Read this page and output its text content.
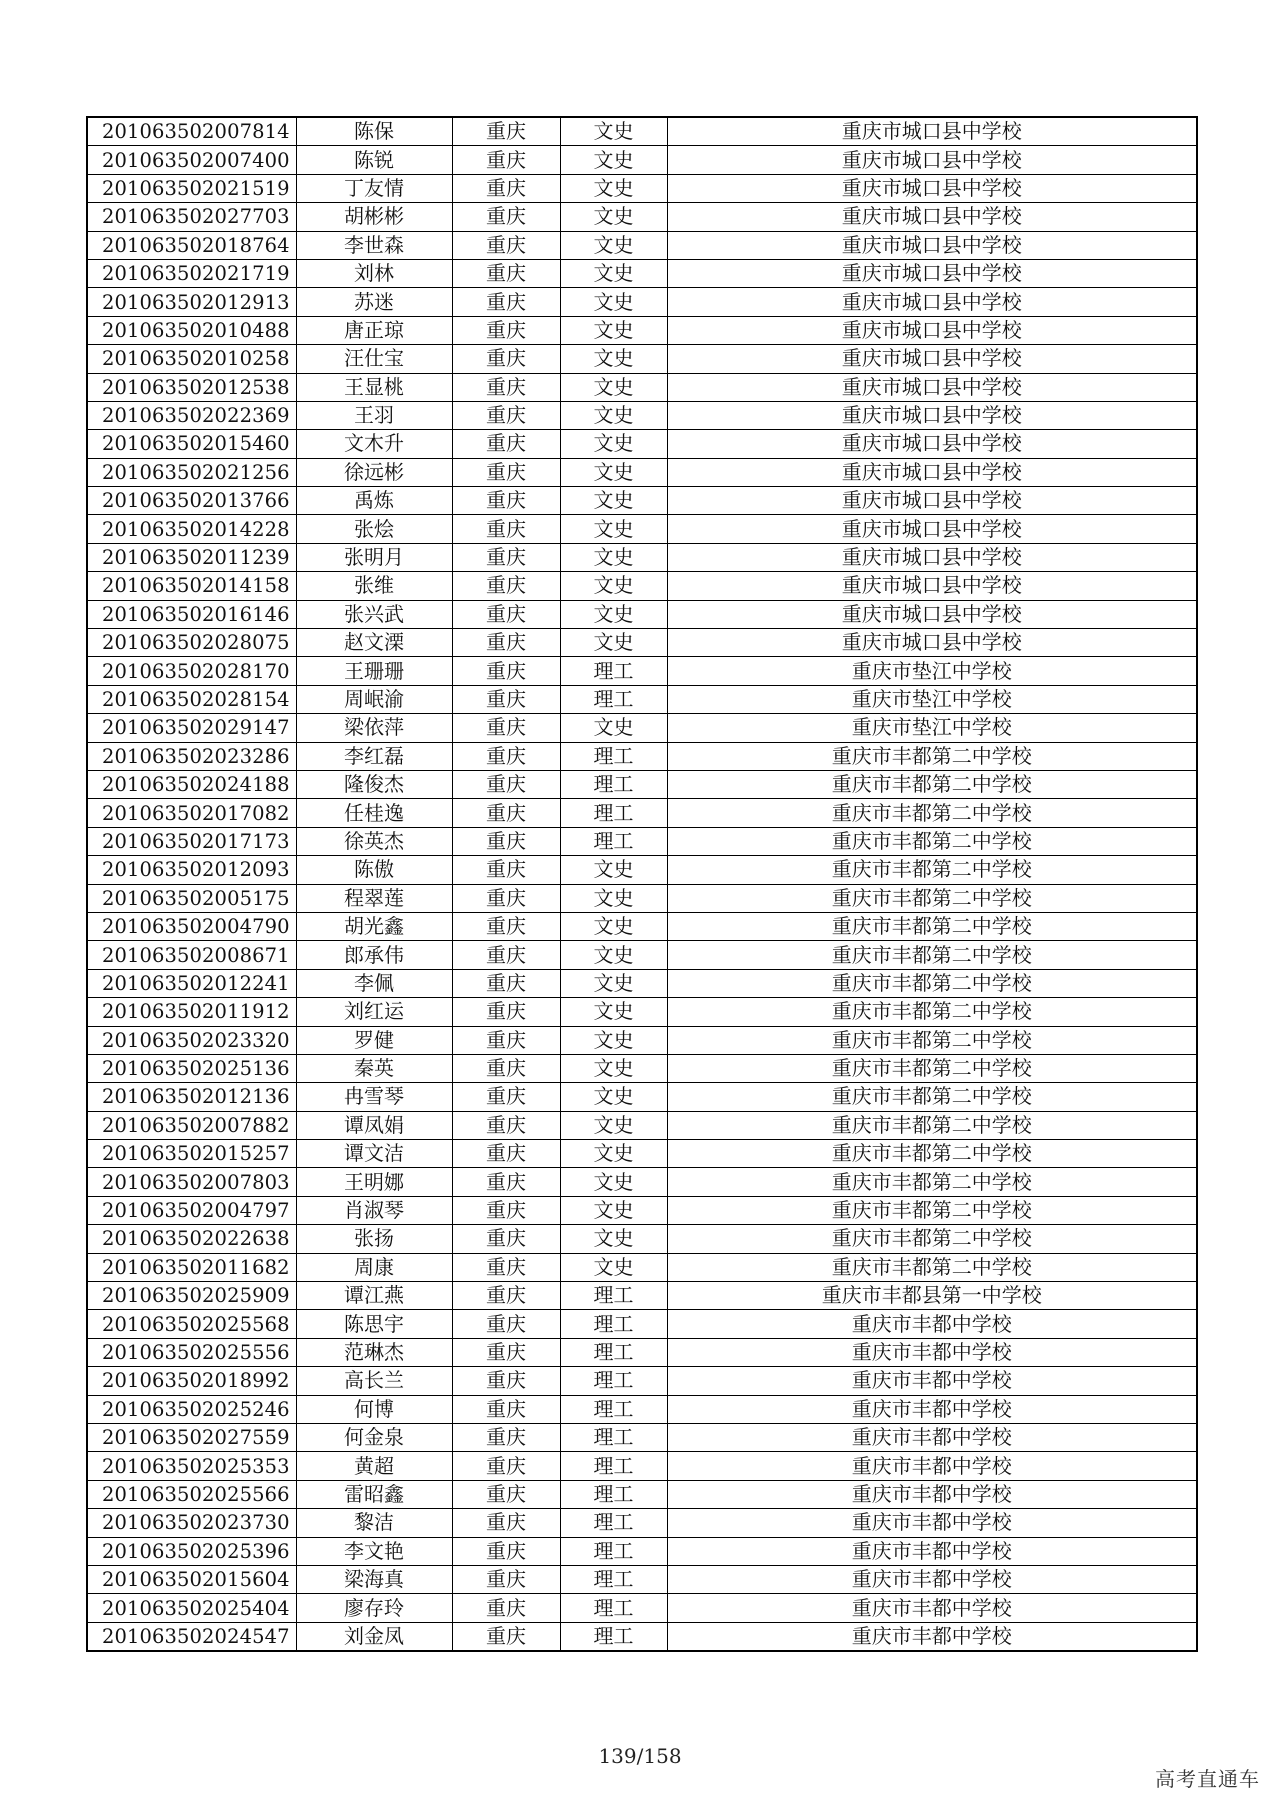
201063502007814	陈保	重庆	文史	重庆市城口县中学校
201063502007400	陈锐	重庆	文史	重庆市城口县中学校
201063502021519	丁友情	重庆	文史	重庆市城口县中学校
201063502027703	胡彬彬	重庆	文史	重庆市城口县中学校
201063502018764	李世森	重庆	文史	重庆市城口县中学校
201063502021719	刘林	重庆	文史	重庆市城口县中学校
201063502012913	苏迷	重庆	文史	重庆市城口县中学校
201063502010488	唐正琼	重庆	文史	重庆市城口县中学校
201063502010258	汪仕宝	重庆	文史	重庆市城口县中学校
201063502012538	王显桃	重庆	文史	重庆市城口县中学校
201063502022369	王羽	重庆	文史	重庆市城口县中学校
201063502015460	文木升	重庆	文史	重庆市城口县中学校
201063502021256	徐远彬	重庆	文史	重庆市城口县中学校
201063502013766	禹炼	重庆	文史	重庆市城口县中学校
201063502014228	张烩	重庆	文史	重庆市城口县中学校
201063502011239	张明月	重庆	文史	重庆市城口县中学校
201063502014158	张维	重庆	文史	重庆市城口县中学校
201063502016146	张兴武	重庆	文史	重庆市城口县中学校
201063502028075	赵文溧	重庆	文史	重庆市城口县中学校
201063502028170	王珊珊	重庆	理工	重庆市垫江中学校
201063502028154	周岷渝	重庆	理工	重庆市垫江中学校
201063502029147	梁依萍	重庆	文史	重庆市垫江中学校
201063502023286	李红磊	重庆	理工	重庆市丰都第二中学校
201063502024188	隆俊杰	重庆	理工	重庆市丰都第二中学校
201063502017082	任桂逸	重庆	理工	重庆市丰都第二中学校
201063502017173	徐英杰	重庆	理工	重庆市丰都第二中学校
201063502012093	陈傲	重庆	文史	重庆市丰都第二中学校
201063502005175	程翠莲	重庆	文史	重庆市丰都第二中学校
201063502004790	胡光鑫	重庆	文史	重庆市丰都第二中学校
201063502008671	郎承伟	重庆	文史	重庆市丰都第二中学校
201063502012241	李佩	重庆	文史	重庆市丰都第二中学校
201063502011912	刘红运	重庆	文史	重庆市丰都第二中学校
201063502023320	罗健	重庆	文史	重庆市丰都第二中学校
201063502025136	秦英	重庆	文史	重庆市丰都第二中学校
201063502012136	冉雪琴	重庆	文史	重庆市丰都第二中学校
201063502007882	谭凤娟	重庆	文史	重庆市丰都第二中学校
201063502015257	谭文洁	重庆	文史	重庆市丰都第二中学校
201063502007803	王明娜	重庆	文史	重庆市丰都第二中学校
201063502004797	肖淑琴	重庆	文史	重庆市丰都第二中学校
201063502022638	张扬	重庆	文史	重庆市丰都第二中学校
201063502011682	周康	重庆	文史	重庆市丰都第二中学校
201063502025909	谭江燕	重庆	理工	重庆市丰都县第一中学校
201063502025568	陈思宇	重庆	理工	重庆市丰都中学校
201063502025556	范琳杰	重庆	理工	重庆市丰都中学校
201063502018992	高长兰	重庆	理工	重庆市丰都中学校
201063502025246	何博	重庆	理工	重庆市丰都中学校
201063502027559	何金泉	重庆	理工	重庆市丰都中学校
201063502025353	黄超	重庆	理工	重庆市丰都中学校
201063502025566	雷昭鑫	重庆	理工	重庆市丰都中学校
201063502023730	黎洁	重庆	理工	重庆市丰都中学校
201063502025396	李文艳	重庆	理工	重庆市丰都中学校
201063502015604	梁海真	重庆	理工	重庆市丰都中学校
201063502025404	廖存玲	重庆	理工	重庆市丰都中学校
201063502024547	刘金凤	重庆	理工	重庆市丰都中学校
139/158
高考直通车
